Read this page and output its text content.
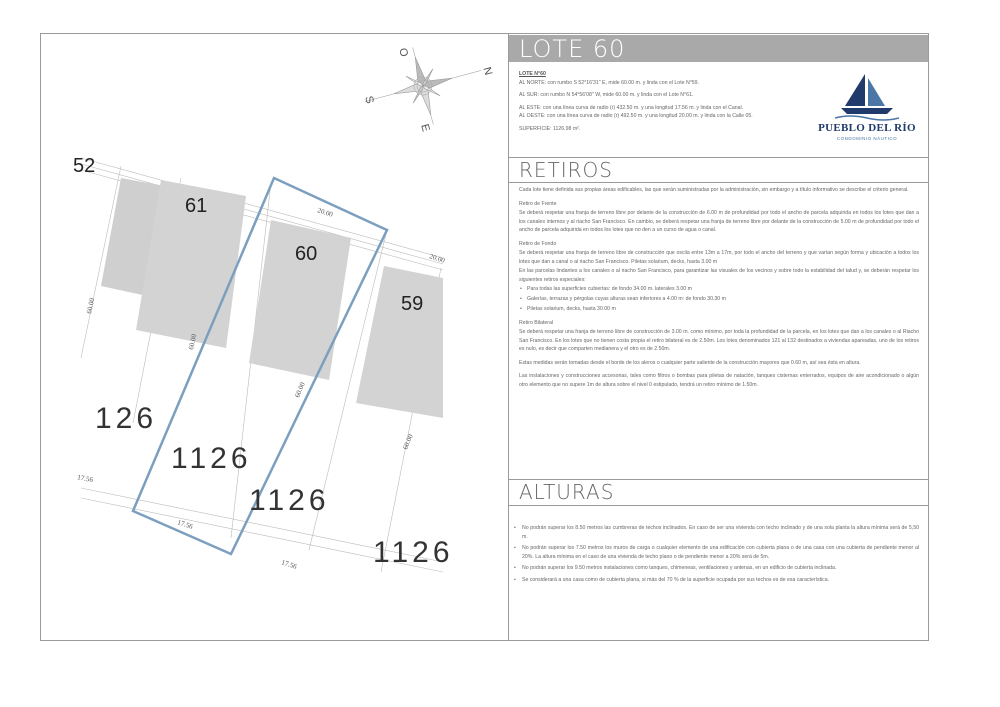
N
S
E
O
61
60
59
52
126
1126
1126
1126
20.00
20.00
60.00
60.00
60.00
60.00
17.56
17.56
17.56
LOTE 60

LOTE N°60

AL NORTE: con rumbo S 52°16'31" E, mide 60.00 m. y linda con el Lote N°59.

AL SUR: con rumbo N 54°56'08" W, mide 60.00 m. y linda con el Lote N°61.

AL ESTE: con una línea curva de radio (r) 432.50 m. y una longitud 17.56 m. y linda con el Canal.

AL OESTE: con una línea curva de radio (r) 492.50 m. y una longitud 20.00 m. y linda con la Calle 05.

SUPERFICIE: 1126.98 m².	PUEBLO DEL RÍO
CONDOMINIO NÁUTICO
RETIROS

Cada lote tiene definida sus propias áreas edificables, las que serán suministradas por la administración, sin embargo y a título informativo se describe el criterio general.

Retiro de Frente

Se deberá respetar una franja de terreno libre por delante de la construcción de 6.00 m de profundidad por todo el ancho de parcela adquirida en todos los lotes que dan a los canales internos y al riacho San Francisco. En cambio, se deberá respetar una franja de terreno libre por delante de la construcción de 5.00 m de profundidad por todo el ancho de parcela adquirida en todos los lotes que no den a un curso de agua o canal.

Retiro de Fondo

Se deberá respetar una franja de terreno libre de construcción que oscila entre 13m a 17m, por todo el ancho del terreno y que varían según forma y ubicación a todos los lotes que dan a canal o al riacho San Francisco. Piletas solarium, decks, hasta 3.00 m

En las parcelas lindantes a los canales o al riacho San Francisco, para garantizar las visuales de los vecinos y sobre todo la estabilidad del talud y, se deberán respetar los siguientes retiros especiales:

• Para todas las superficies cubiertas: de fondo 34.00 m. laterales 3.00 m
• Galerías, terrazas y pérgolas cuyas alturas sean inferiores a 4.00 m: de fondo 30.30 m
• Piletas solarium, decks, hasta 30.00 m

Retiro Bilateral

Se deberá respetar una franja de terreno libre de construcción de 3.00 m. como mínimo, por toda la profundidad de la parcela, en los lotes que dan a los canales o al Riacho San Francisco. En los lotes que no tienen costa propia el retiro bilateral es de 2.50m. Los lotes denominados 121 al 132 destinados a viviendas apareadas, uno de los retiros es nulo, es decir que comparten medianera y el otro es de 2.50m.

Estas medidas serán tomadas desde el borde de los aleros o cualquier parte saliente de la construcción mayores que 0.60 m, así sea ésta en altura.

Las instalaciones y construcciones accesorias, tales como filtros o bombas para piletas de natación, tanques cisternas enterrados, equipos de aire acondicionado o algún otro elemento que no supere 1m de altura sobre el nivel 0 estipulado, tendrá un retiro mínimo de 1.50m.

ALTURAS
• No podrán superar los 8.50 metros las cumbreras de techos inclinados. En caso de ser una vivienda con techo inclinado y de una sola planta la altura mínima será de 5,50 m.
• No podrán superar los 7.50 metros los muros de carga o cualquier elemento de una edificación con cubierta plana o de una casa con una cubierta de pendiente menor al 20%. La altura mínima en el caso de una vivienda de techo plano o de pendiente menor a 20% será de 5m.
• No podrán superar los 9.50 metros instalaciones como tanques, chimeneas, ventilaciones y antenas, en un edificio de cubierta inclinada.
• Se considerará a una casa como de cubierta plana, si más del 70 % de la superficie ocupada por sus techos es de esa característica.
